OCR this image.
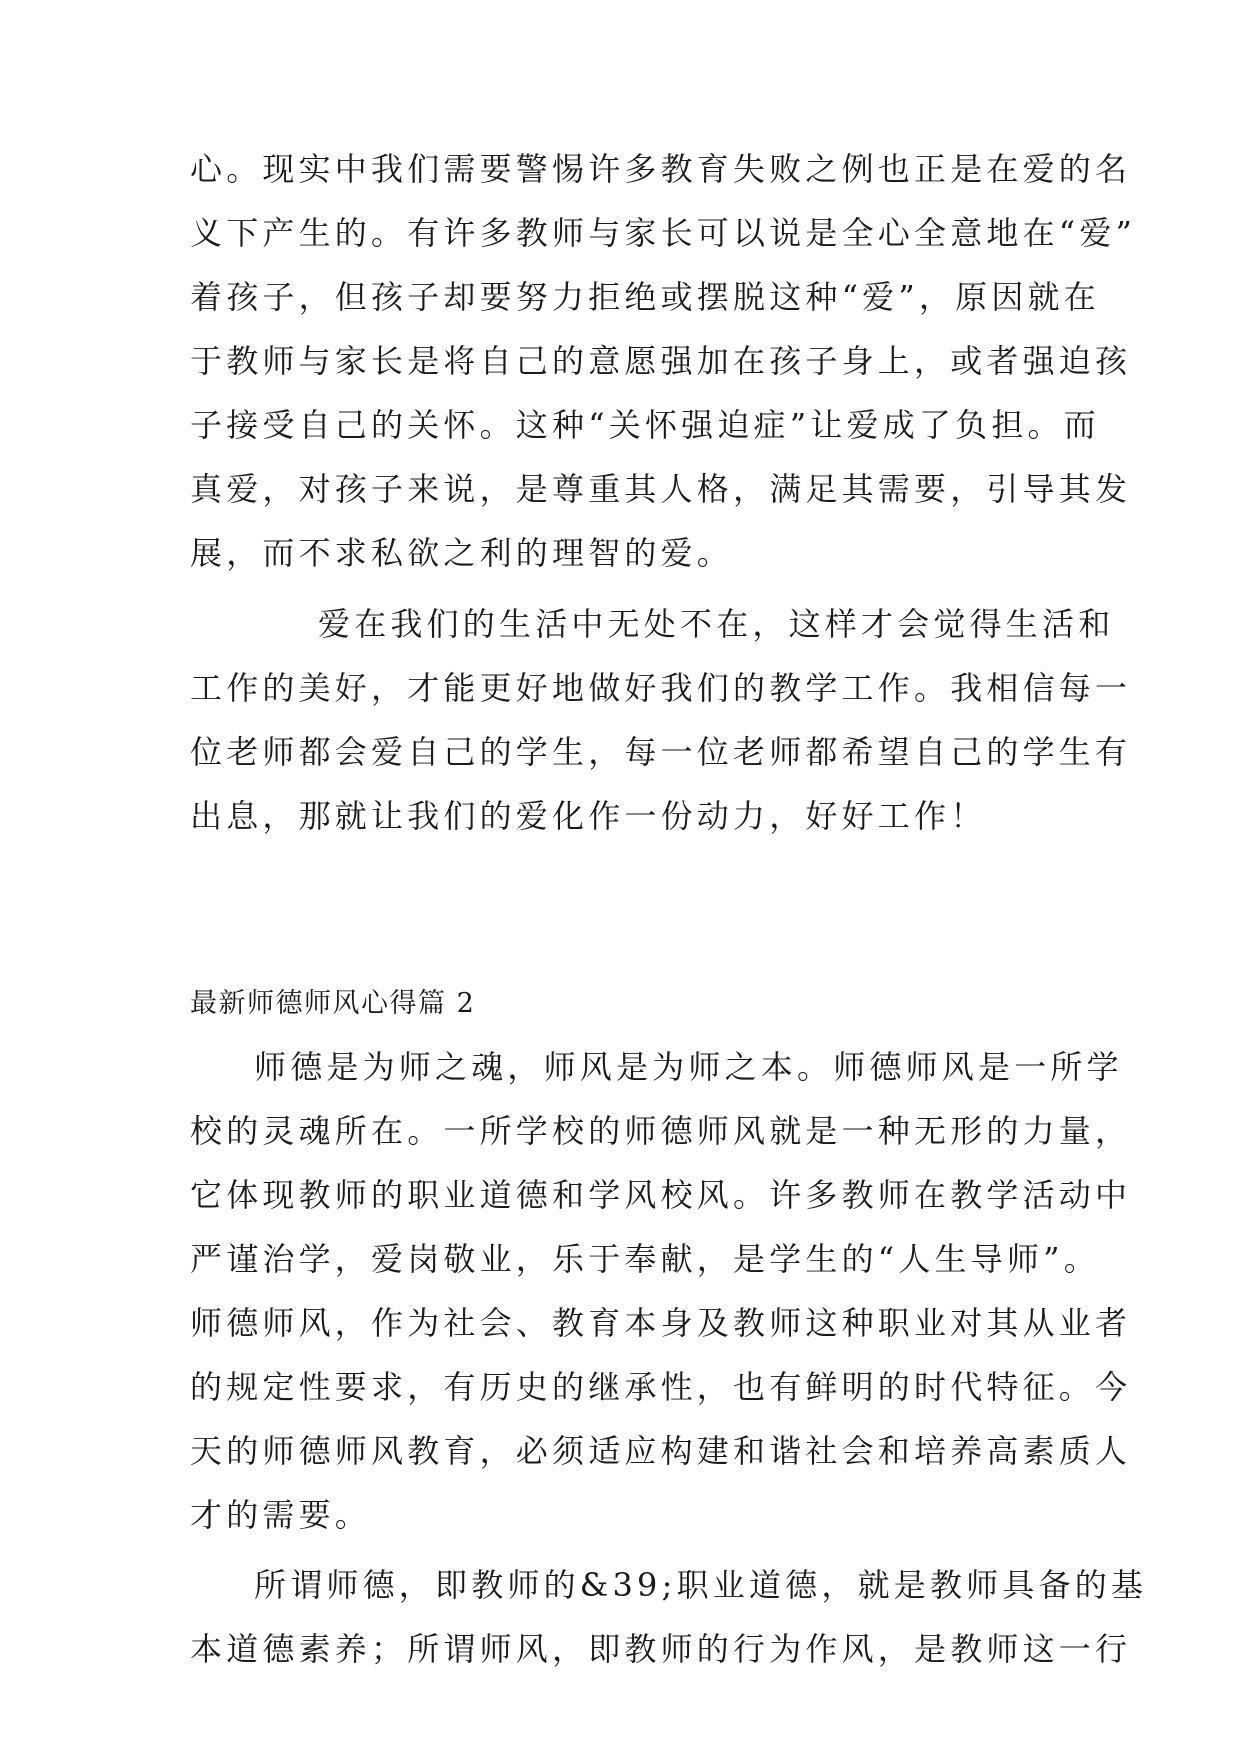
心。现实中我们需要警惕许多教育失败之例也正是在爱的名
义下产生的。有许多教师与家长可以说是全心全意地在“爱”
着孩子，但孩子却要努力拒绝或摆脱这种“爱”，原因就在
于教师与家长是将自己的意愿强加在孩子身上，或者强迫孩
子接受自己的关怀。这种“关怀强迫症”让爱成了负担。而
真爱，对孩子来说，是尊重其人格，满足其需要，引导其发
展，而不求私欲之利的理智的爱。
爱在我们的生活中无处不在，这样才会觉得生活和
工作的美好，才能更好地做好我们的教学工作。我相信每一
位老师都会爱自己的学生，每一位老师都希望自己的学生有
出息，那就让我们的爱化作一份动力，好好工作！
最新师德师风心得篇 2
师德是为师之魂，师风是为师之本。师德师风是一所学
校的灵魂所在。一所学校的师德师风就是一种无形的力量，
它体现教师的职业道德和学风校风。许多教师在教学活动中
严谨治学，爱岗敬业，乐于奉献，是学生的“人生导师”。
师德师风，作为社会、教育本身及教师这种职业对其从业者
的规定性要求，有历史的继承性，也有鲜明的时代特征。今
天的师德师风教育，必须适应构建和谐社会和培养高素质人
才的需要。
所谓师德，即教师的&39;职业道德，就是教师具备的基
本道德素养；所谓师风，即教师的行为作风，是教师这一行
